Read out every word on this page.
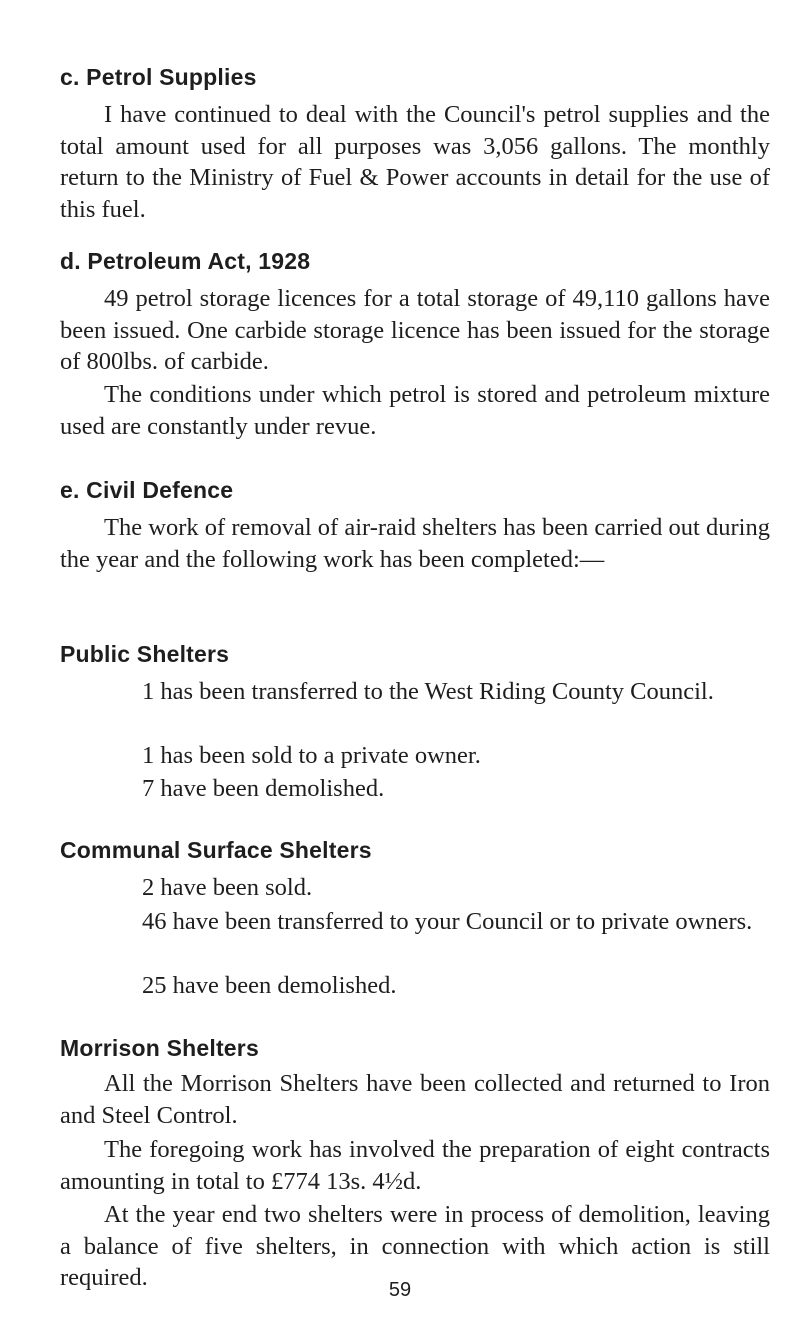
c. Petrol Supplies

I have continued to deal with the Council's petrol supplies and the total amount used for all purposes was 3,056 gallons. The monthly return to the Ministry of Fuel & Power accounts in detail for the use of this fuel.

d. Petroleum Act, 1928

49 petrol storage licences for a total storage of 49,110 gallons have been issued. One carbide storage licence has been issued for the storage of 800lbs. of carbide.

The conditions under which petrol is stored and petroleum mixture used are constantly under revue.

e. Civil Defence

The work of removal of air-raid shelters has been carried out during the year and the following work has been completed:—

Public Shelters

1 has been transferred to the West Riding County Council.

1 has been sold to a private owner.

7 have been demolished.

Communal Surface Shelters

2 have been sold.

46 have been transferred to your Council or to private owners.

25 have been demolished.

Morrison Shelters

All the Morrison Shelters have been collected and returned to Iron and Steel Control.

The foregoing work has involved the preparation of eight contracts amounting in total to £774 13s. 4½d.

At the year end two shelters were in process of demolition, leaving a balance of five shelters, in connection with which action is still required.	59
